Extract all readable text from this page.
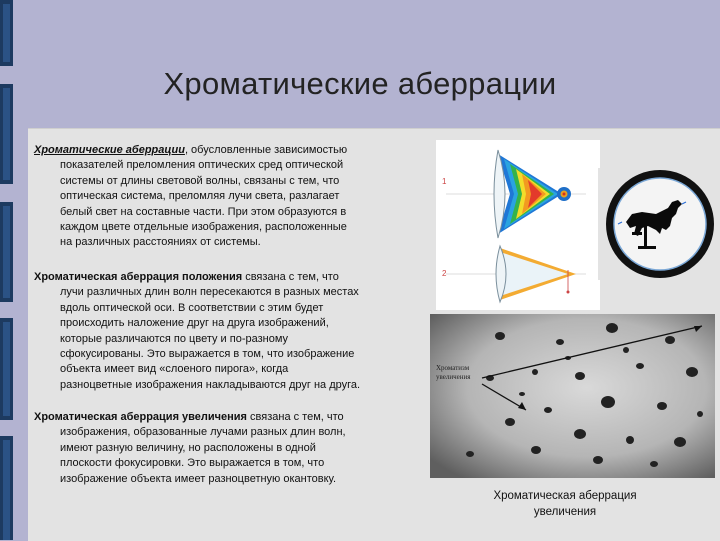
Хроматические аберрации

Хроматические аберрации, обусловленные зависимостью

показателей преломления оптических сред оптической

системы от длины световой волны, связаны с тем, что

оптическая система, преломляя лучи света, разлагает

белый свет на составные части. При этом образуются в

каждом цвете отдельные изображения, расположенные

на различных расстояниях от системы.

Хроматическая аберрация положения связана с тем, что

лучи различных длин волн пересекаются в разных местах

вдоль оптической оси. В соответствии с этим будет

происходить наложение друг на друга изображений,

которые различаются по цвету и по-разному

сфокусированы. Это выражается в том, что изображение

объекта имеет вид «слоеного пирога», когда

разноцветные изображения накладываются друг на друга.

Хроматическая аберрация увеличения связана с тем, что

изображения, образованные лучами разных длин волн,

имеют разную величину, но расположены в одной

плоскости фокусировки. Это выражается в том, что

изображение объекта имеет разноцветную окантовку.

1
2
Хроматизм
увеличения
Хроматическая аберрация
увеличения
